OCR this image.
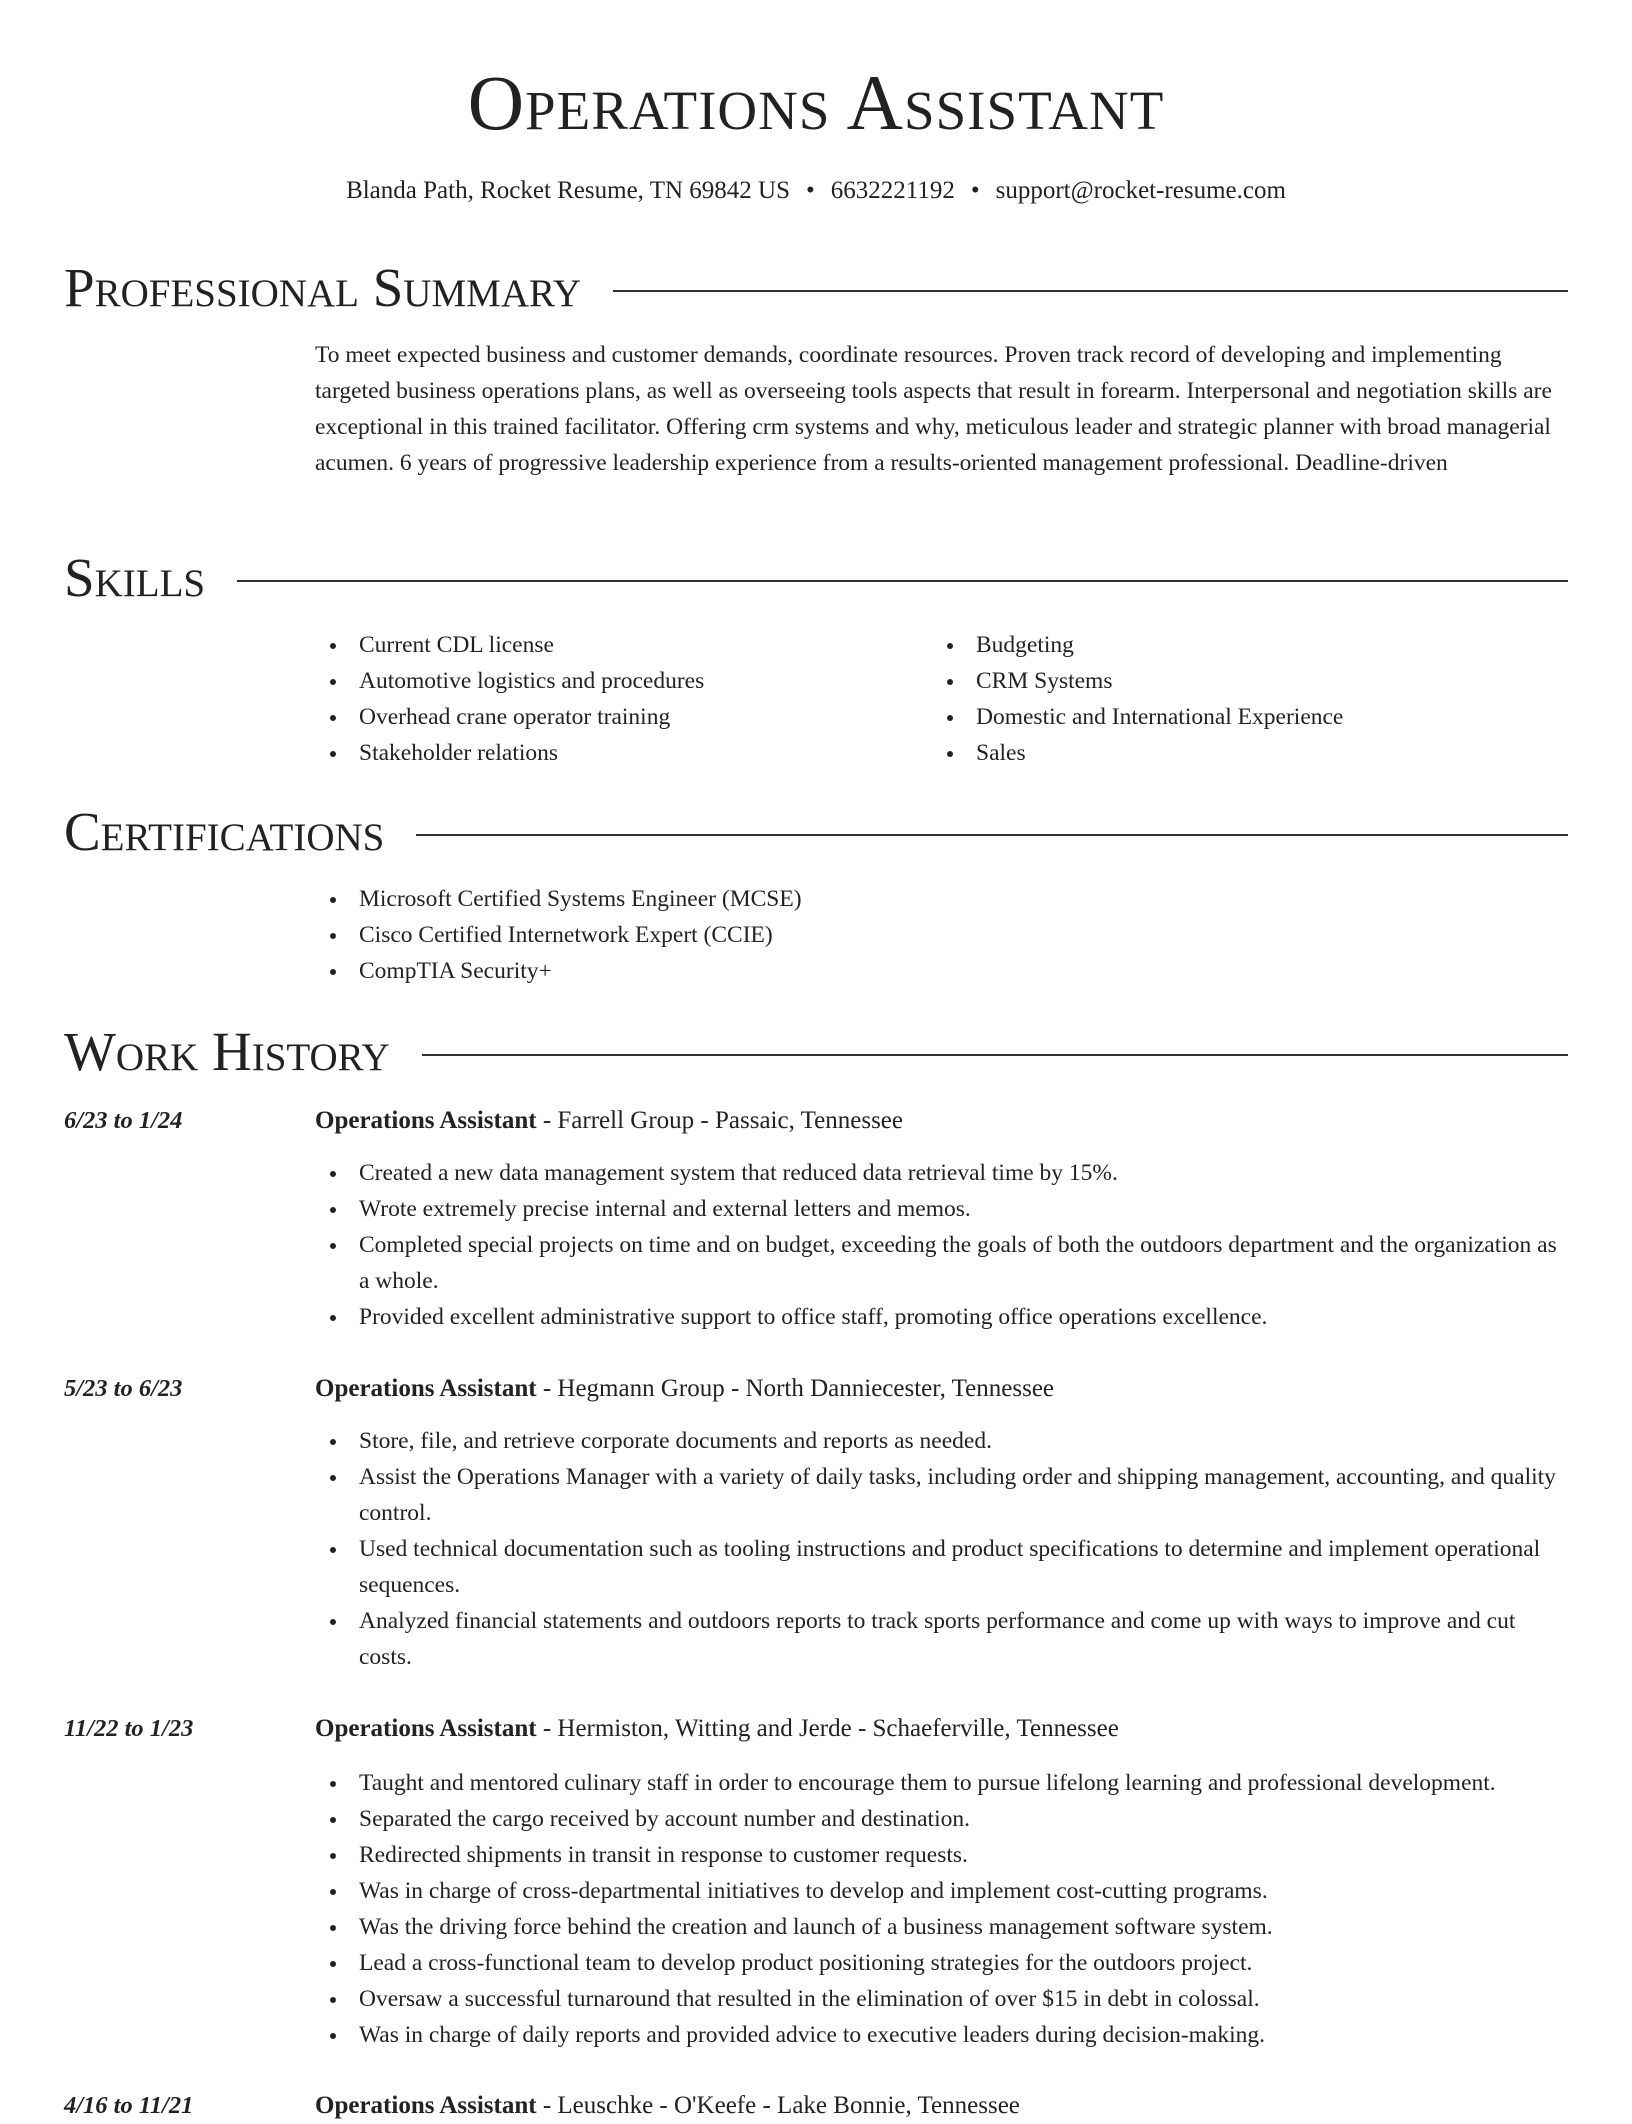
Operations Assistant
Blanda Path, Rocket Resume, TN 69842 US • 6632221192 • support@rocket-resume.com
Professional Summary

To meet expected business and customer demands, coordinate resources. Proven track record of developing and implementing targeted business operations plans, as well as overseeing tools aspects that result in forearm. Interpersonal and negotiation skills are exceptional in this trained facilitator. Offering crm systems and why, meticulous leader and strategic planner with broad managerial acumen. 6 years of progressive leadership experience from a results-oriented management professional. Deadline-driven

Skills
Current CDL license
Automotive logistics and procedures
Overhead crane operator training
Stakeholder relations
Budgeting
CRM Systems
Domestic and International Experience
Sales
Certifications
Microsoft Certified Systems Engineer (MCSE)
Cisco Certified Internetwork Expert (CCIE)
CompTIA Security+
Work History
6/23 to 1/24	Operations Assistant - Farrell Group - Passaic, Tennessee
Created a new data management system that reduced data retrieval time by 15%.
Wrote extremely precise internal and external letters and memos.
Completed special projects on time and on budget, exceeding the goals of both the outdoors department and the organization as a whole.
Provided excellent administrative support to office staff, promoting office operations excellence.
5/23 to 6/23	Operations Assistant - Hegmann Group - North Danniecester, Tennessee
Store, file, and retrieve corporate documents and reports as needed.
Assist the Operations Manager with a variety of daily tasks, including order and shipping management, accounting, and quality control.
Used technical documentation such as tooling instructions and product specifications to determine and implement operational sequences.
Analyzed financial statements and outdoors reports to track sports performance and come up with ways to improve and cut costs.
11/22 to 1/23	Operations Assistant - Hermiston, Witting and Jerde - Schaeferville, Tennessee
Taught and mentored culinary staff in order to encourage them to pursue lifelong learning and professional development.
Separated the cargo received by account number and destination.
Redirected shipments in transit in response to customer requests.
Was in charge of cross-departmental initiatives to develop and implement cost-cutting programs.
Was the driving force behind the creation and launch of a business management software system.
Lead a cross-functional team to develop product positioning strategies for the outdoors project.
Oversaw a successful turnaround that resulted in the elimination of over $15 in debt in colossal.
Was in charge of daily reports and provided advice to executive leaders during decision-making.
4/16 to 11/21	Operations Assistant - Leuschke - O'Keefe - Lake Bonnie, Tennessee
